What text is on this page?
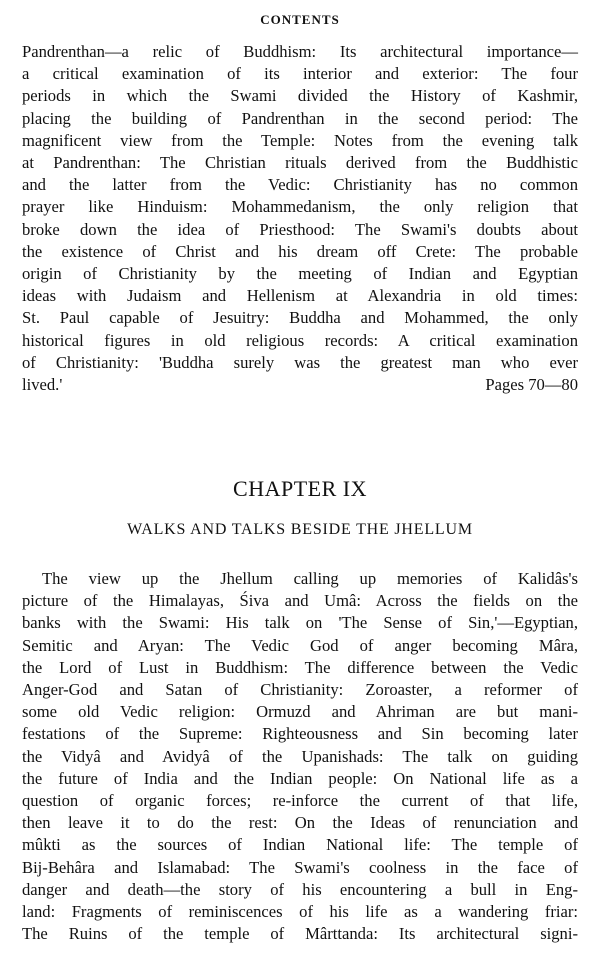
CONTENTS
Pandrenthan—a relic of Buddhism: Its architectural importance—
a critical examination of its interior and exterior: The four
periods in which the Swami divided the History of Kashmir,
placing the building of Pandrenthan in the second period: The
magnificent view from the Temple: Notes from the evening talk
at Pandrenthan: The Christian rituals derived from the Buddhistic
and the latter from the Vedic: Christianity has no common
prayer like Hinduism: Mohammedanism, the only religion that
broke down the idea of Priesthood: The Swami's doubts about
the existence of Christ and his dream off Crete: The probable
origin of Christianity by the meeting of Indian and Egyptian
ideas with Judaism and Hellenism at Alexandria in old times:
St. Paul capable of Jesuitry: Buddha and Mohammed, the only
historical figures in old religious records: A critical examination
of Christianity: 'Buddha surely was the greatest man who ever
lived.'	Pages 70—80
CHAPTER IX
WALKS AND TALKS BESIDE THE JHELLUM
The view up the Jhellum calling up memories of Kalidâs's
picture of the Himalayas, Śiva and Umâ: Across the fields on the
banks with the Swami: His talk on 'The Sense of Sin,'—Egyptian,
Semitic and Aryan: The Vedic God of anger becoming Mâra,
the Lord of Lust in Buddhism: The difference between the Vedic
Anger-God and Satan of Christianity: Zoroaster, a reformer of
some old Vedic religion: Ormuzd and Ahriman are but mani-
festations of the Supreme: Righteousness and Sin becoming later
the Vidyâ and Avidyâ of the Upanishads: The talk on guiding
the future of India and the Indian people: On National life as a
question of organic forces; re-inforce the current of that life,
then leave it to do the rest: On the Ideas of renunciation and
mûkti as the sources of Indian National life: The temple of
Bij-Behâra and Islamabad: The Swami's coolness in the face of
danger and death—the story of his encountering a bull in Eng-
land: Fragments of reminiscences of his life as a wandering friar:
The Ruins of the temple of Mârttanda: Its architectural signi-
